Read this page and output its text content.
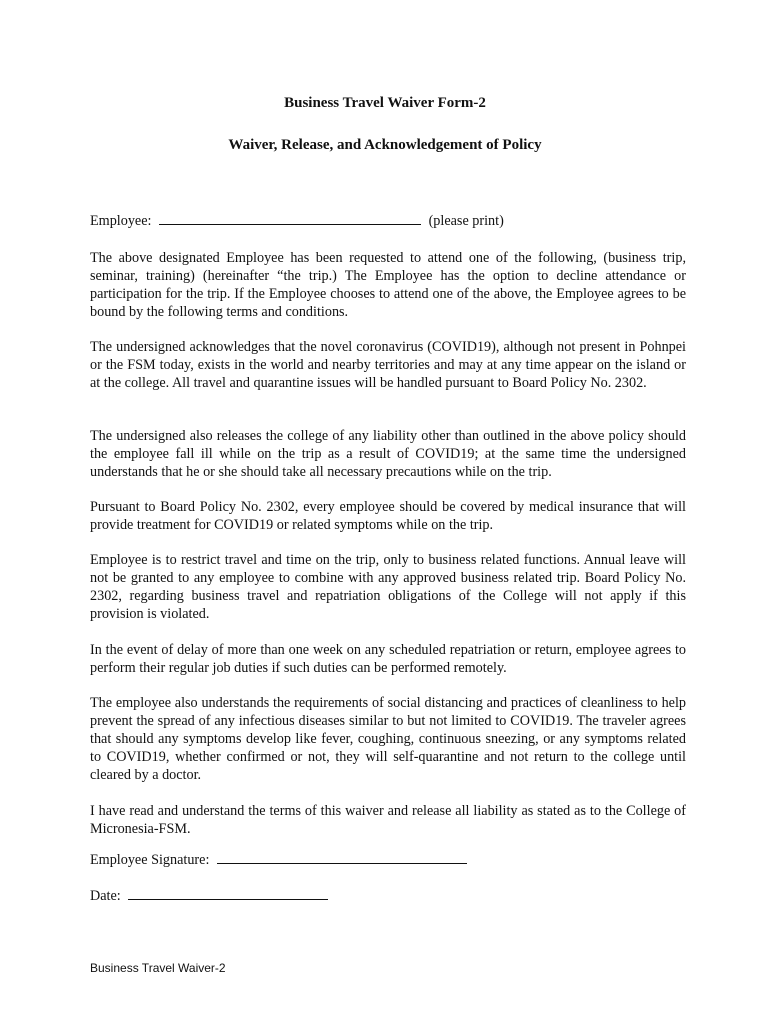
Business Travel Waiver Form-2
Waiver, Release, and Acknowledgement of Policy
Employee:	(please print)

The above designated Employee has been requested to attend one of the following, (business trip, seminar, training) (hereinafter “the trip.) The Employee has the option to decline attendance or participation for the trip. If the Employee chooses to attend one of the above, the Employee agrees to be bound by the following terms and conditions.

The undersigned acknowledges that the novel coronavirus (COVID19), although not present in Pohnpei or the FSM today, exists in the world and nearby territories and may at any time appear on the island or at the college. All travel and quarantine issues will be handled pursuant to Board Policy No. 2302.

The undersigned also releases the college of any liability other than outlined in the above policy should the employee fall ill while on the trip as a result of COVID19; at the same time the undersigned understands that he or she should take all necessary precautions while on the trip.

Pursuant to Board Policy No. 2302, every employee should be covered by medical insurance that will provide treatment for COVID19 or related symptoms while on the trip.

Employee is to restrict travel and time on the trip, only to business related functions. Annual leave will not be granted to any employee to combine with any approved business related trip. Board Policy No. 2302, regarding business travel and repatriation obligations of the College will not apply if this provision is violated.

In the event of delay of more than one week on any scheduled repatriation or return, employee agrees to perform their regular job duties if such duties can be performed remotely.

The employee also understands the requirements of social distancing and practices of cleanliness to help prevent the spread of any infectious diseases similar to but not limited to COVID19. The traveler agrees that should any symptoms develop like fever, coughing, continuous sneezing, or any symptoms related to COVID19, whether confirmed or not, they will self-quarantine and not return to the college until cleared by a doctor.

I have read and understand the terms of this waiver and release all liability as stated as to the College of Micronesia-FSM.

Employee Signature:
Date:
Business Travel Waiver-2
